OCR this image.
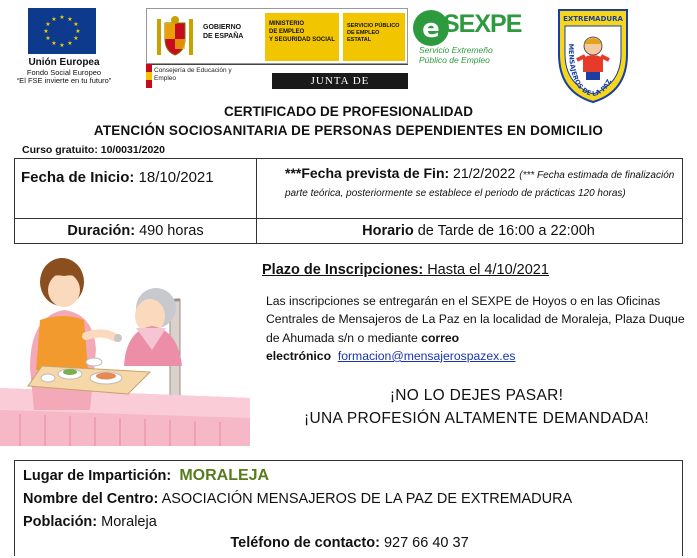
★ ★
★
★
★
★
★
★
★
★
★
★
Unión Europea
Fondo Social Europeo
“El FSE invierte en tu futuro”
GOBIERNO
DE ESPAÑA
MINISTERIO
DE EMPLEO
Y SEGURIDAD SOCIAL
SERVICIO PÚBLICO
DE EMPLEO ESTATAL
Consejería de Educación y
Empleo	JUNTA DE EXTREMADURA
e SEXPE
Servicio Extremeño
Público de Empleo
EXTREMADURA
MENSAJEROS DE LA PAZ
CERTIFICADO DE PROFESIONALIDAD
ATENCIÓN SOCIOSANITARIA DE PERSONAS DEPENDIENTES EN DOMICILIO
Curso gratuito: 10/0031/2020
Fecha de Inicio: 18/10/2021	***Fecha prevista de Fin: 21/2/2022 (*** Fecha estimada de finalización parte teórica, posteriormente se establece el periodo de prácticas 120 horas)
Duración: 490 horas	Horario de Tarde de 16:00 a 22:00h
Plazo de Inscripciones: Hasta el 4/10/2021
Las inscripciones se entregarán en el SEXPE de Hoyos o en las Oficinas Centrales de Mensajeros de La Paz en la localidad de Moraleja, Plaza Duque de Ahumada s/n o mediante correo electrónico formacion@mensajerospazex.es
¡NO LO DEJES PASAR!
¡UNA PROFESIÓN ALTAMENTE DEMANDADA!
Lugar de Impartición: MORALEJA
Nombre del Centro: ASOCIACIÓN MENSAJEROS DE LA PAZ DE EXTREMADURA
Población: Moraleja
Teléfono de contacto: 927 66 40 37
